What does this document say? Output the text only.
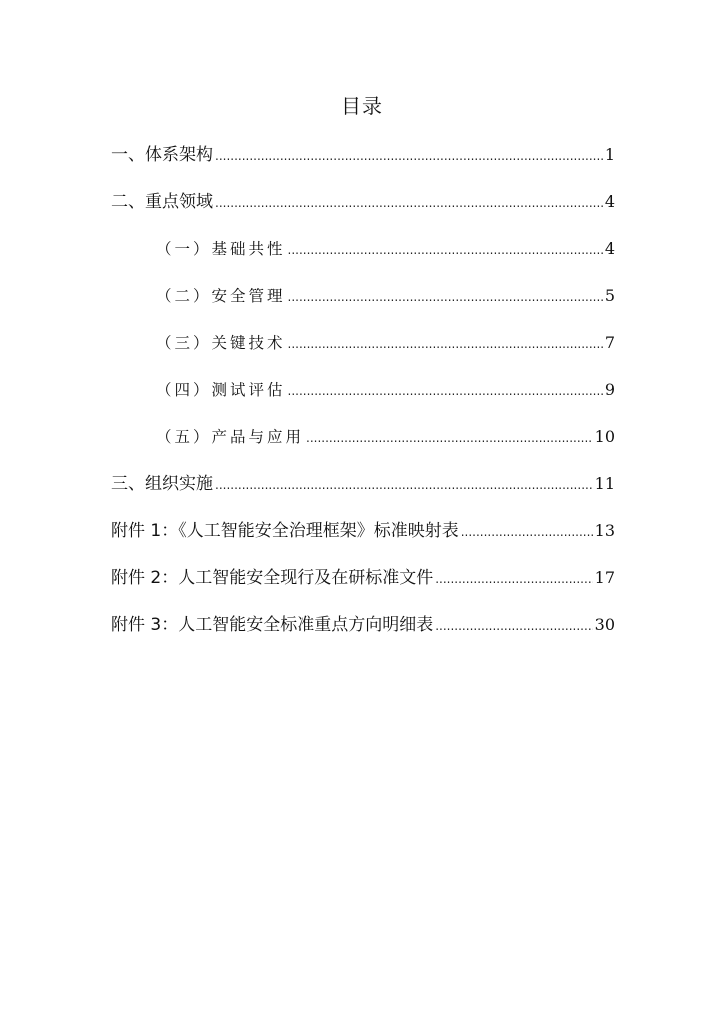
目录
一、体系架构 .....	1
二、重点领域 .....	4
（一）基础共性 .....	4
（二）安全管理 .....	5
（三）关键技术 .....	7
（四）测试评估 .....	9
（五）产品与应用 .....	10
三、组织实施 .....	11
附件 1：《人工智能安全治理框架》标准映射表 .....	13
附件 2：人工智能安全现行及在研标准文件 .....	17
附件 3：人工智能安全标准重点方向明细表 .....	30
